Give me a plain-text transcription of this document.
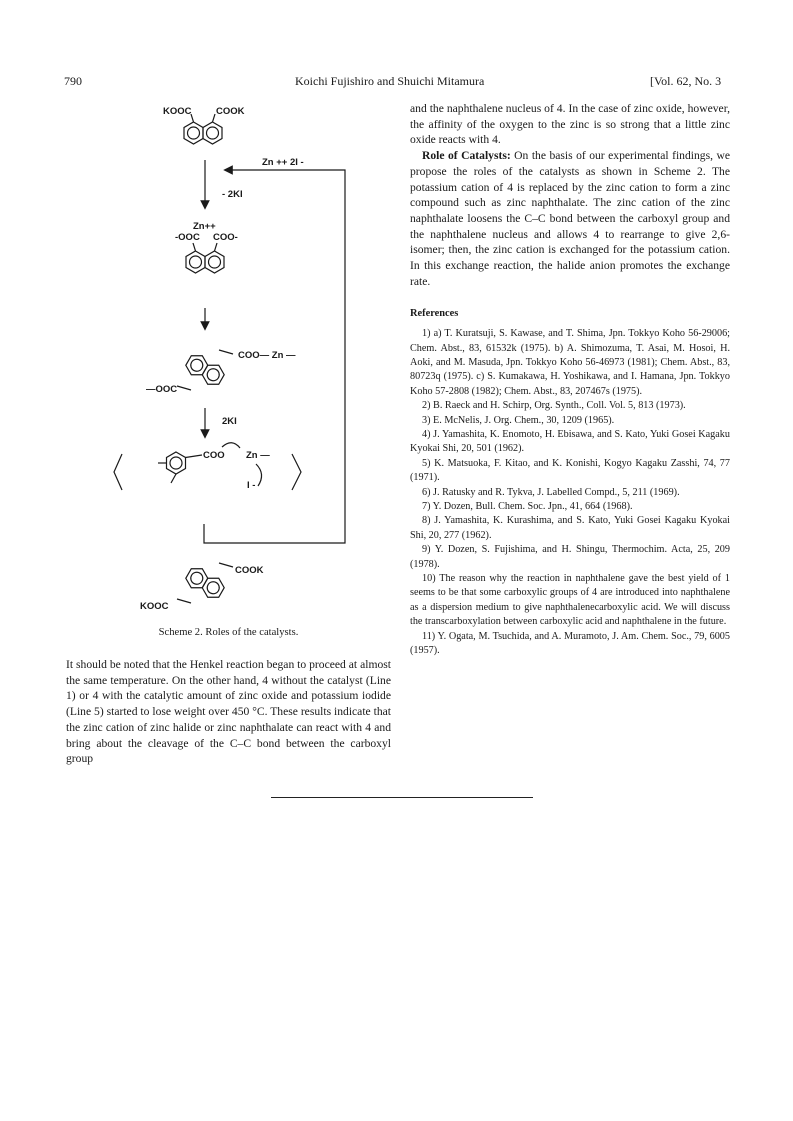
790	Koichi Fujishiro and Shuichi Mitamura	[Vol. 62, No. 3
KOOC	COOK
Zn ++ 2I -
- 2KI
Zn++
-OOC COO-
COO— Zn —
—OOC
2KI
COO Zn —
I -
COOK
KOOC
Scheme 2. Roles of the catalysts.

It should be noted that the Henkel reaction began to proceed at almost the same temperature. On the other hand, 4 without the catalyst (Line 1) or 4 with the catalytic amount of zinc oxide and potassium iodide (Line 5) started to lose weight over 450 °C. These results indicate that the zinc cation of zinc halide or zinc naphthalate can react with 4 and bring about the cleavage of the C–C bond between the carboxyl group

and the naphthalene nucleus of 4. In the case of zinc oxide, however, the affinity of the oxygen to the zinc is so strong that a little zinc oxide reacts with 4.

Role of Catalysts: On the basis of our experimental findings, we propose the roles of the catalysts as shown in Scheme 2. The potassium cation of 4 is replaced by the zinc cation to form a zinc compound such as zinc naphthalate. The zinc cation of the zinc naphthalate loosens the C–C bond between the carboxyl group and the naphthalene nucleus and allows 4 to rearrange to give 2,6-isomer; then, the zinc cation is exchanged for the potassium cation. In this exchange reaction, the halide anion promotes the exchange rate.

References

1) a) T. Kuratsuji, S. Kawase, and T. Shima, Jpn. Tokkyo Koho 56-29006; Chem. Abst., 83, 61532k (1975). b) A. Shimozuma, T. Asai, M. Hosoi, H. Aoki, and M. Masuda, Jpn. Tokkyo Koho 56-46973 (1981); Chem. Abst., 83, 80723q (1975). c) S. Kumakawa, H. Yoshikawa, and I. Hamana, Jpn. Tokkyo Koho 57-2808 (1982); Chem. Abst., 83, 207467s (1975).

2) B. Raeck and H. Schirp, Org. Synth., Coll. Vol. 5, 813 (1973).

3) E. McNelis, J. Org. Chem., 30, 1209 (1965).

4) J. Yamashita, K. Enomoto, H. Ebisawa, and S. Kato, Yuki Gosei Kagaku Kyokai Shi, 20, 501 (1962).

5) K. Matsuoka, F. Kitao, and K. Konishi, Kogyo Kagaku Zasshi, 74, 77 (1971).

6) J. Ratusky and R. Tykva, J. Labelled Compd., 5, 211 (1969).

7) Y. Dozen, Bull. Chem. Soc. Jpn., 41, 664 (1968).

8) J. Yamashita, K. Kurashima, and S. Kato, Yuki Gosei Kagaku Kyokai Shi, 20, 277 (1962).

9) Y. Dozen, S. Fujishima, and H. Shingu, Thermochim. Acta, 25, 209 (1978).

10) The reason why the reaction in naphthalene gave the best yield of 1 seems to be that some carboxylic groups of 4 are introduced into naphthalene as a dispersion medium to give naphthalenecarboxylic acid. We will discuss the transcarboxylation between carboxylic acid and naphthalene in the future.

11) Y. Ogata, M. Tsuchida, and A. Muramoto, J. Am. Chem. Soc., 79, 6005 (1957).
